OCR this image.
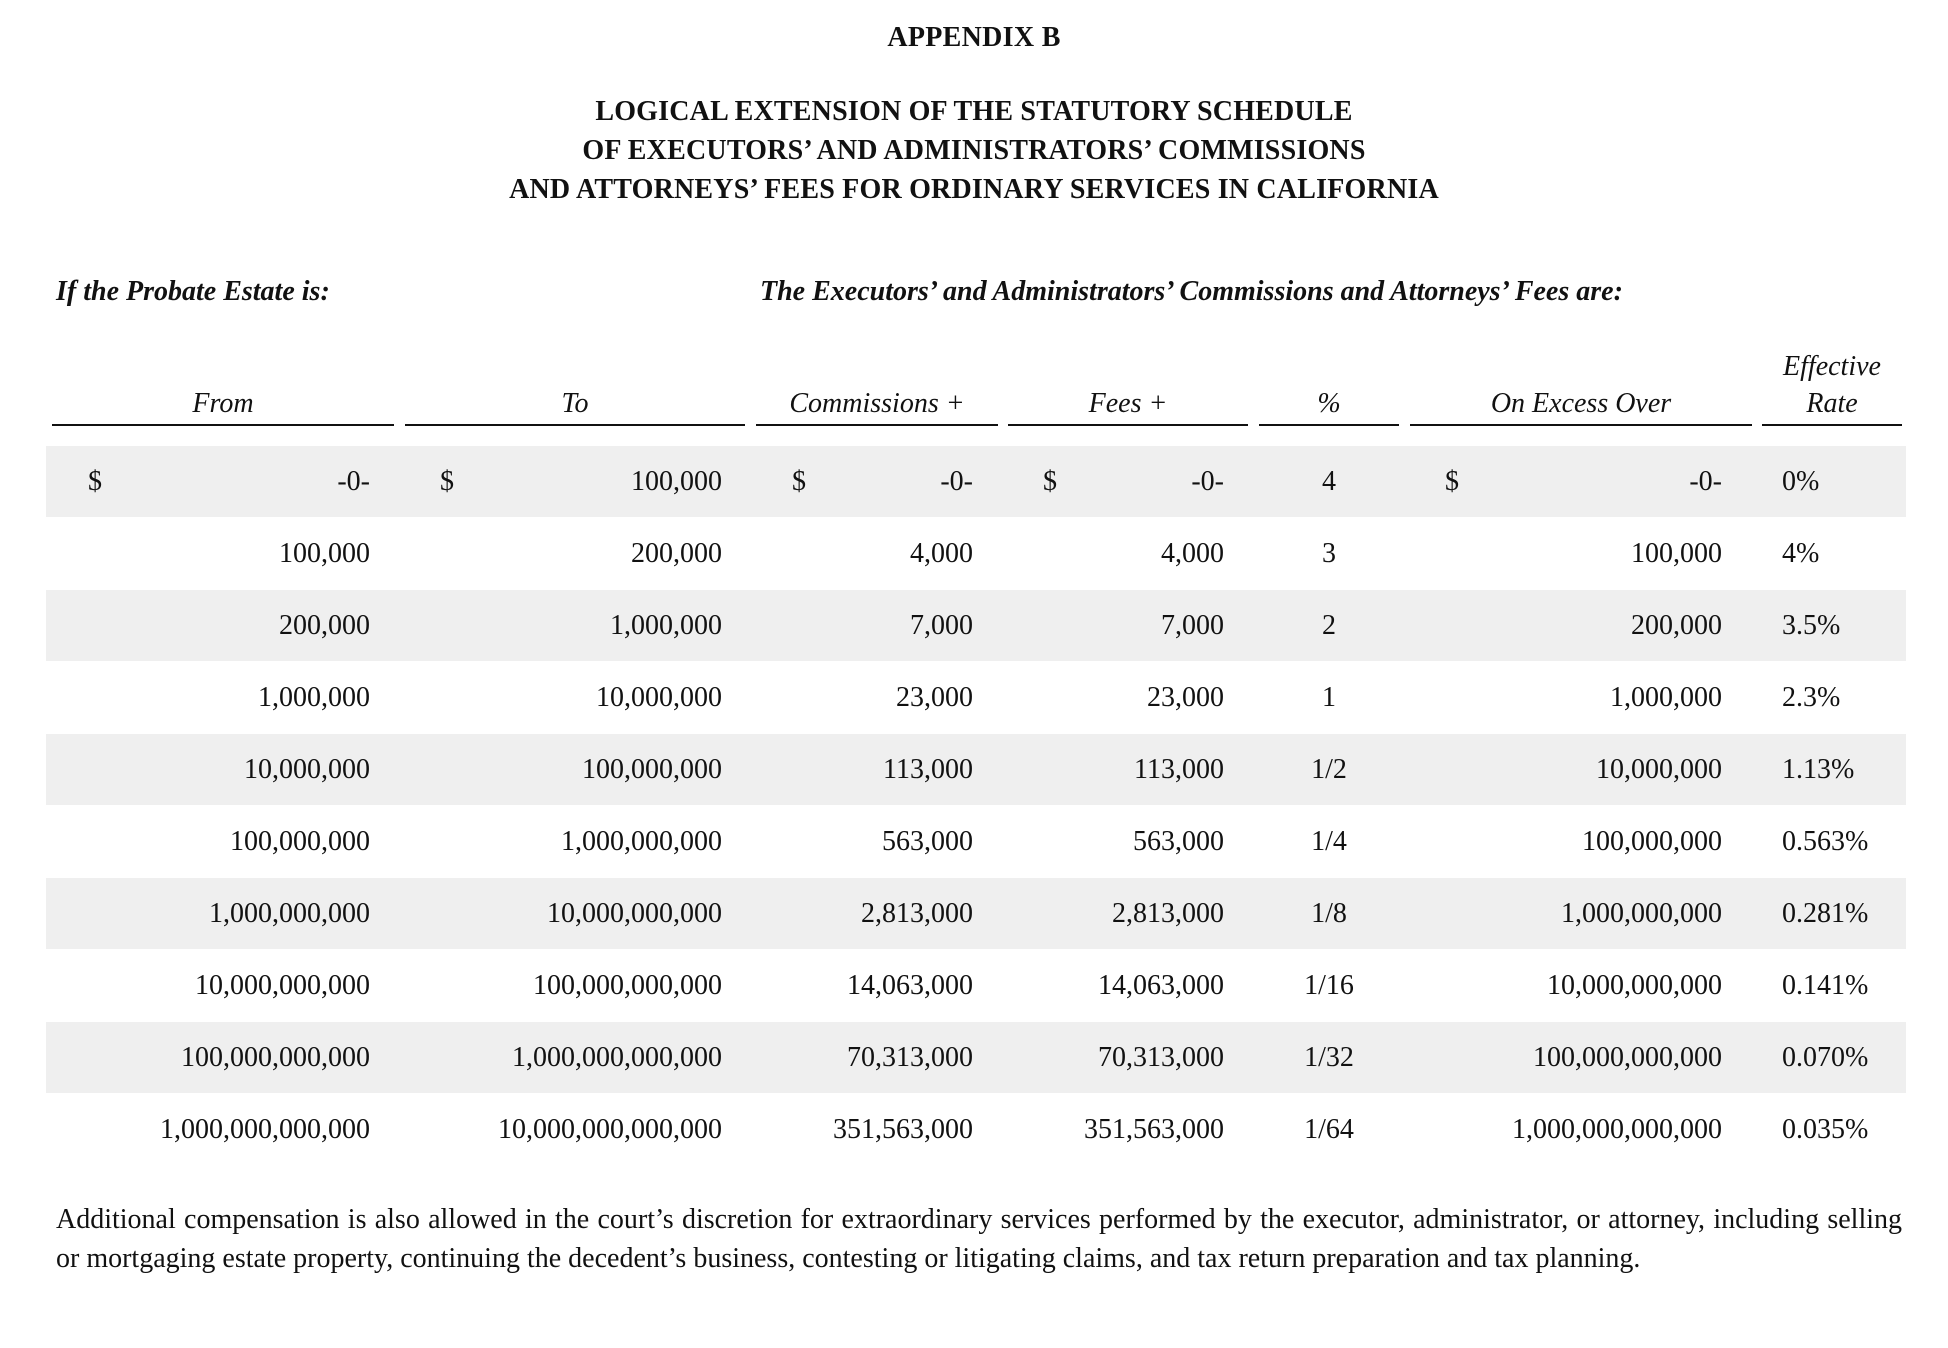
APPENDIX B
LOGICAL EXTENSION OF THE STATUTORY SCHEDULE
OF EXECUTORS’ AND ADMINISTRATORS’ COMMISSIONS
AND ATTORNEYS’ FEES FOR ORDINARY SERVICES IN CALIFORNIA
If the Probate Estate is:	The Executors’ and Administrators’ Commissions and Attorneys’ Fees are:
From	To	Commissions +	Fees +	%	On Excess Over
Effective
Rate
$	-0-	$	100,000	$	-0-	$	-0-	4	$	-0- 0%
100,000	200,000	4,000	4,000	3	100,000 4%
200,000	1,000,000	7,000	7,000	2	200,000 3.5%
1,000,000	10,000,000	23,000	23,000	1	1,000,000 2.3%
10,000,000	100,000,000	113,000	113,000	1/2	10,000,000 1.13%
100,000,000	1,000,000,000	563,000	563,000	1/4	100,000,000 0.563%
1,000,000,000	10,000,000,000	2,813,000	2,813,000	1/8	1,000,000,000 0.281%
10,000,000,000	100,000,000,000	14,063,000	14,063,000	1/16	10,000,000,000 0.141%
100,000,000,000	1,000,000,000,000	70,313,000	70,313,000	1/32	100,000,000,000 0.070%
1,000,000,000,000	10,000,000,000,000	351,563,000	351,563,000	1/64	1,000,000,000,000 0.035%
Additional compensation is also allowed in the court’s discretion for extraordinary services performed by the executor, administrator, or attorney, including selling or mortgaging estate property, continuing the decedent’s business, contesting or litigating claims, and tax return preparation and tax planning.
